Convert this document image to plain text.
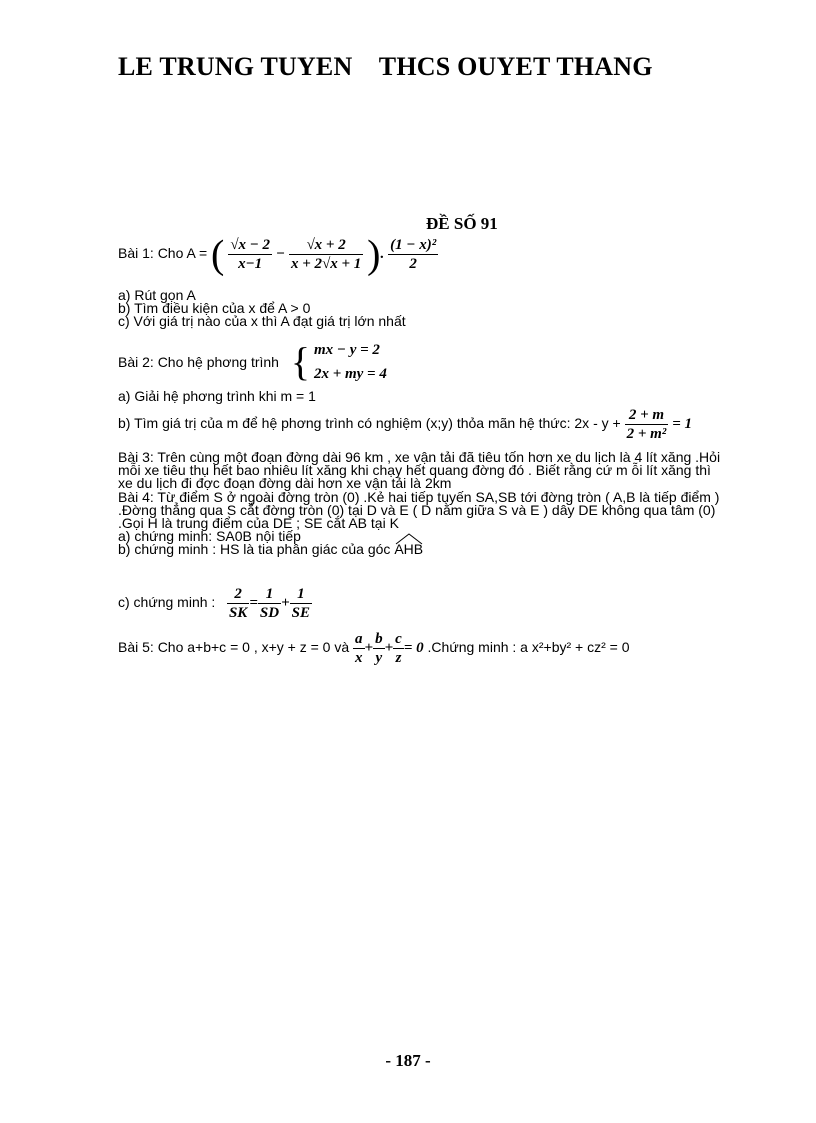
LE TRUNG TUYEN THCS OUYET THANG
ĐỀ SỐ 91
Bài 1: Cho A = ( $\frac{√x - 2}{x-1} - \frac{√x + 2}{x + 2√x + 1}$ ). $\frac{\text{(1 − x)²}}{2}$

a) Rút gọn A

b) Tìm điều kiện của x để A > 0

c) Với giá trị nào của x thì A đạt giá trị lớn nhất

Bài 2: Cho hệ phơng trình { mx − y = 2
2x + my = 4
a) Giải hệ phơng trình khi m = 1
b) Tìm giá trị của m để hệ phơng trình có nghiệm (x;y) thỏa mãn hệ thức: $2x - y + \frac{2 + m}{\text{2 + m²}} = 1$

Bài 3: Trên cùng một đoạn đờng dài 96 km , xe vận tải đã tiêu tốn hơn xe du lịch là 4 lít xăng .Hỏi

mỗi xe tiêu thụ hết bao nhiêu lít xăng khi chạy hết quang đờng đó . Biết rằng cứ m ỗi lít xăng thì

xe du lịch đi đợc đoạn đờng dài hơn xe vận tải là 2km

Bài 4: Từ điểm S ở ngoài đờng tròn (0) .Kẻ hai tiếp tuyến SA,SB tới đờng tròn ( A,B là tiếp điểm )

.Đờng thẳng qua S cắt đờng tròn (0) tại D và E ( D nằm giữa S và E ) dây DE không qua tâm (0)

.Gọi H là trung điểm của DE ; SE cắt AB tại K

a) chứng minh: SA0B nội tiếp

b) chứng minh : HS là tia phân giác của góc AHB

c) chứng minh : $\frac{2}{SK} = \frac{1}{SD} + \frac{1}{SE}$
Bài 5: Cho a+b+c = 0 , x+y + z = 0 và $\frac{a}{x} + \frac{b}{y} + \frac{c}{z} = 0$ .Chứng minh : a x²+by² + cz² = 0
- 187 -
